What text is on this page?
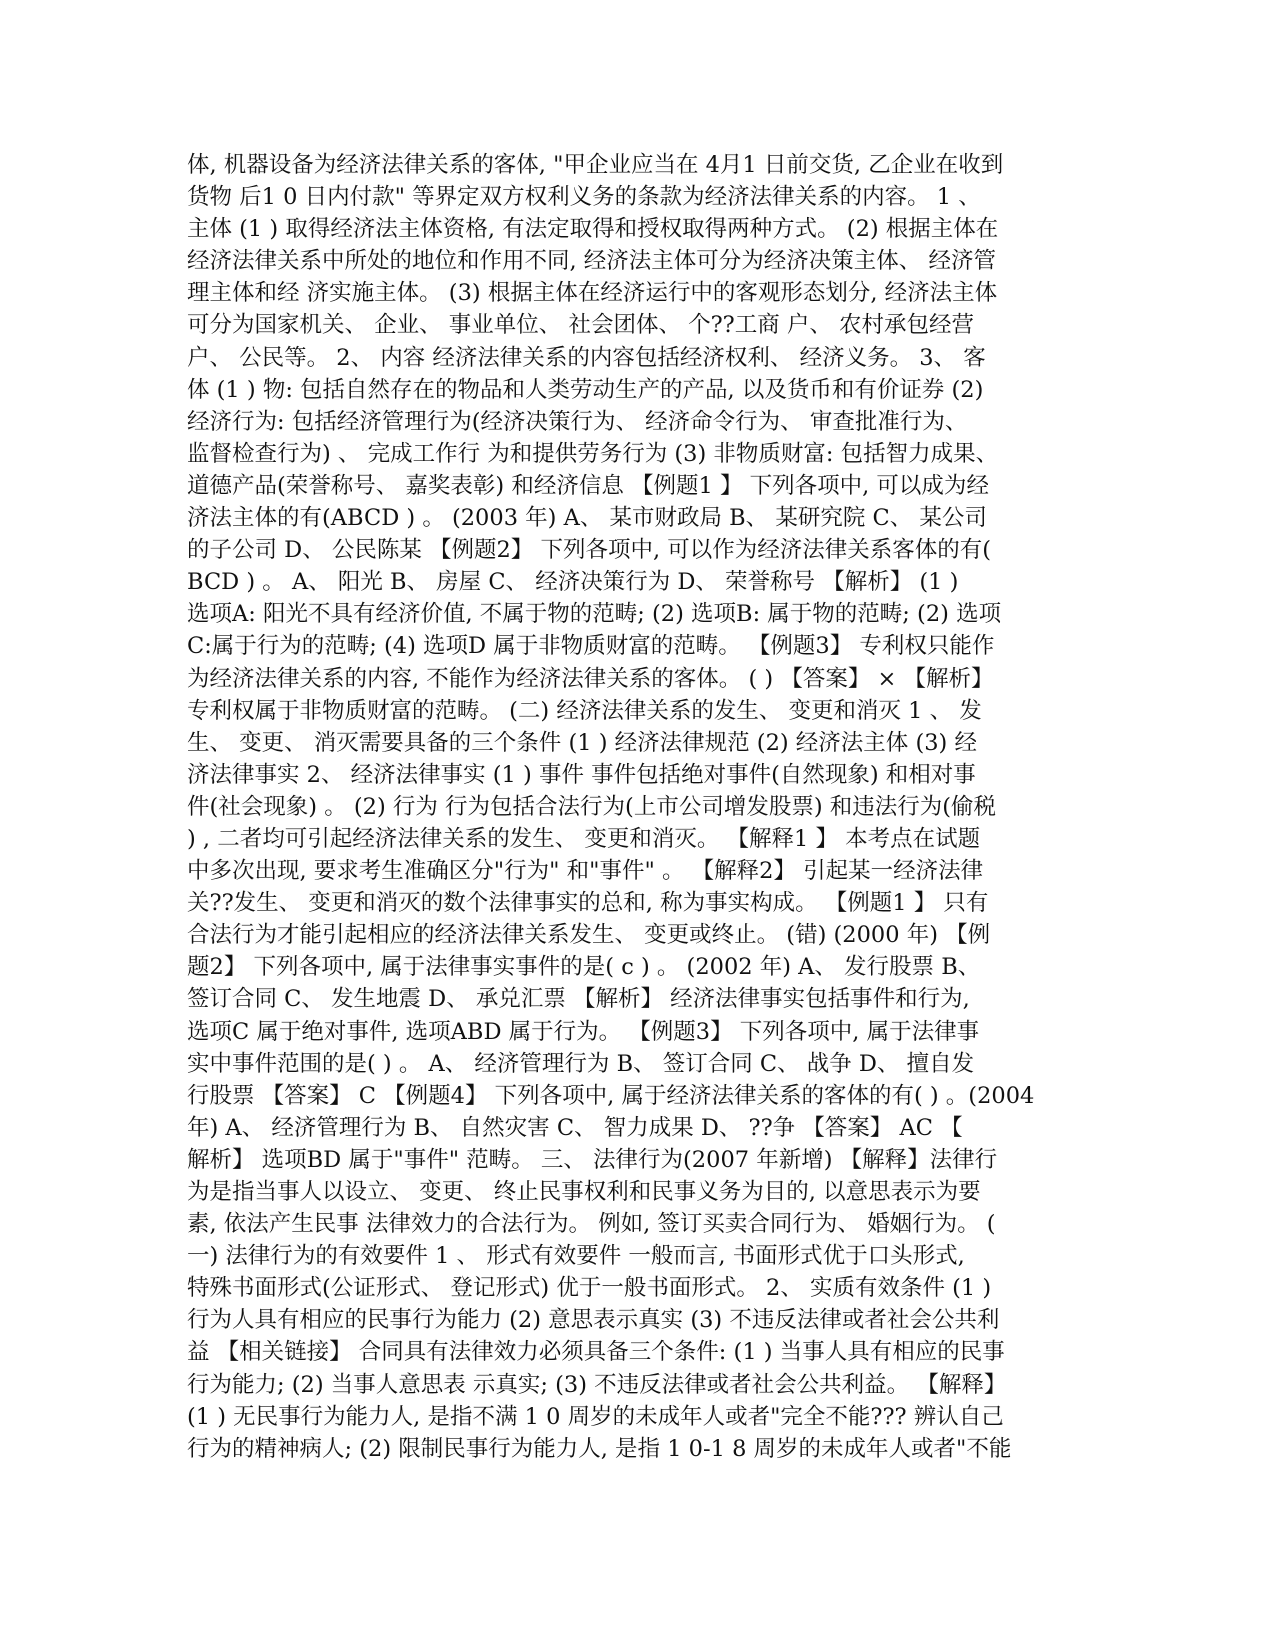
体, 机器设备为经济法律关系的客体, "甲企业应当在 4月1 日前交货, 乙企业在收到
货物 后1 0 日内付款" 等界定双方权利义务的条款为经济法律关系的内容。 1 、
主体 (1 ) 取得经济法主体资格, 有法定取得和授权取得两种方式。 (2) 根据主体在
经济法律关系中所处的地位和作用不同, 经济法主体可分为经济决策主体、 经济管
理主体和经 济实施主体。 (3) 根据主体在经济运行中的客观形态划分, 经济法主体
可分为国家机关、 企业、 事业单位、 社会团体、 个??工商 户、 农村承包经营
户、 公民等。 2、 内容 经济法律关系的内容包括经济权利、 经济义务。 3、 客
体 (1 ) 物: 包括自然存在的物品和人类劳动生产的产品, 以及货币和有价证券 (2)
经济行为: 包括经济管理行为(经济决策行为、 经济命令行为、 审查批准行为、
监督检查行为) 、 完成工作行 为和提供劳务行为 (3) 非物质财富: 包括智力成果、
道德产品(荣誉称号、 嘉奖表彰) 和经济信息 【例题1 】 下列各项中, 可以成为经
济法主体的有(ABCD ) 。 (2003 年) A、 某市财政局 B、 某研究院 C、 某公司
的子公司 D、 公民陈某 【例题2】 下列各项中, 可以作为经济法律关系客体的有(
BCD ) 。 A、 阳光 B、 房屋 C、 经济决策行为 D、 荣誉称号 【解析】 (1 )
选项A: 阳光不具有经济价值, 不属于物的范畴; (2) 选项B: 属于物的范畴; (2) 选项
C:属于行为的范畴; (4) 选项D 属于非物质财富的范畴。 【例题3】 专利权只能作
为经济法律关系的内容, 不能作为经济法律关系的客体。 ( ) 【答案】 × 【解析】
专利权属于非物质财富的范畴。 (二) 经济法律关系的发生、 变更和消灭 1 、 发
生、 变更、 消灭需要具备的三个条件 (1 ) 经济法律规范 (2) 经济法主体 (3) 经
济法律事实 2、 经济法律事实 (1 ) 事件 事件包括绝对事件(自然现象) 和相对事
件(社会现象) 。 (2) 行为 行为包括合法行为(上市公司增发股票) 和违法行为(偷税
) , 二者均可引起经济法律关系的发生、 变更和消灭。 【解释1 】 本考点在试题
中多次出现, 要求考生准确区分"行为" 和"事件" 。 【解释2】 引起某一经济法律
关??发生、 变更和消灭的数个法律事实的总和, 称为事实构成。 【例题1 】 只有
合法行为才能引起相应的经济法律关系发生、 变更或终止。 (错) (2000 年) 【例
题2】 下列各项中, 属于法律事实事件的是( c ) 。 (2002 年) A、 发行股票 B、
签订合同 C、 发生地震 D、 承兑汇票 【解析】 经济法律事实包括事件和行为,
选项C 属于绝对事件, 选项ABD 属于行为。 【例题3】 下列各项中, 属于法律事
实中事件范围的是( ) 。 A、 经济管理行为 B、 签订合同 C、 战争 D、 擅自发
行股票 【答案】 C 【例题4】 下列各项中, 属于经济法律关系的客体的有( ) 。(2004
年) A、 经济管理行为 B、 自然灾害 C、 智力成果 D、 ??争 【答案】 AC 【
解析】 选项BD 属于"事件" 范畴。 三、 法律行为(2007 年新增) 【解释】法律行
为是指当事人以设立、 变更、 终止民事权利和民事义务为目的, 以意思表示为要
素, 依法产生民事 法律效力的合法行为。 例如, 签订买卖合同行为、 婚姻行为。 (
一) 法律行为的有效要件 1 、 形式有效要件 一般而言, 书面形式优于口头形式,
特殊书面形式(公证形式、 登记形式) 优于一般书面形式。 2、 实质有效条件 (1 )
行为人具有相应的民事行为能力 (2) 意思表示真实 (3) 不违反法律或者社会公共利
益 【相关链接】 合同具有法律效力必须具备三个条件: (1 ) 当事人具有相应的民事
行为能力; (2) 当事人意思表 示真实; (3) 不违反法律或者社会公共利益。 【解释】
(1 ) 无民事行为能力人, 是指不满 1 0 周岁的未成年人或者"完全不能??? 辨认自己
行为的精神病人; (2) 限制民事行为能力人, 是指 1 0-1 8 周岁的未成年人或者"不能
